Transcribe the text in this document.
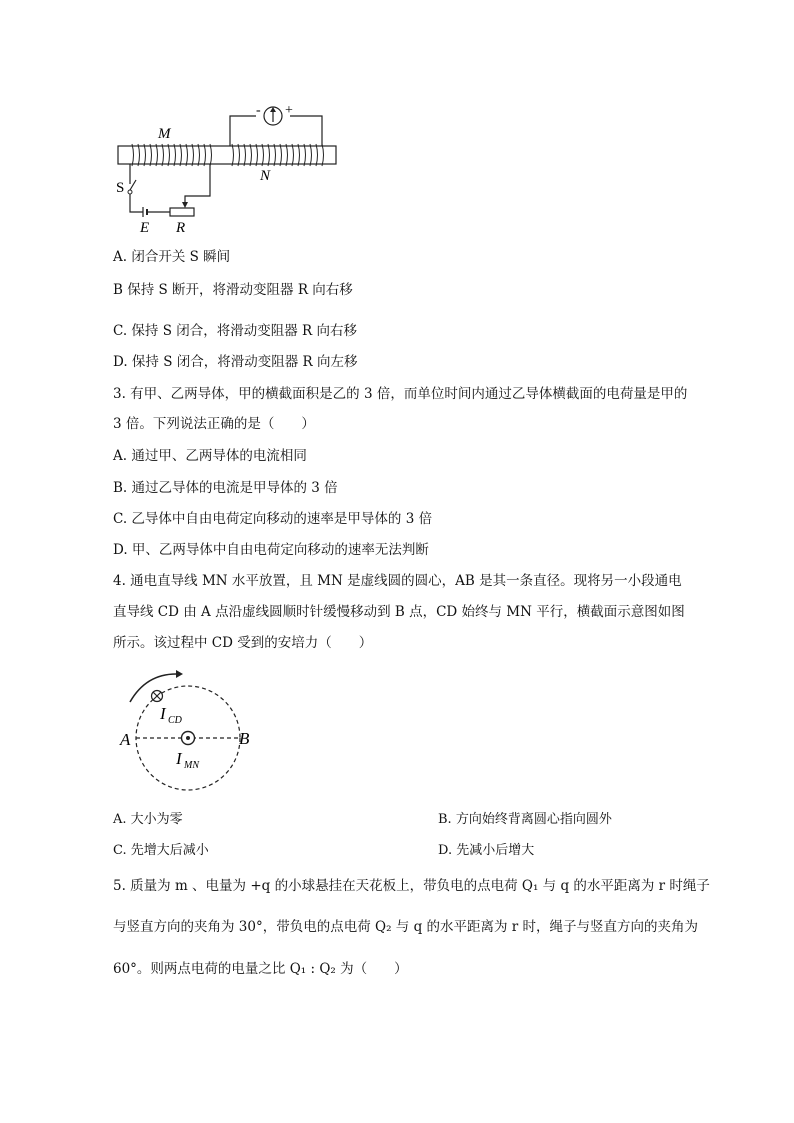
- +
M
N
S
E R
A. 闭合开关 S 瞬间
B 保持 S 断开，将滑动变阻器 R 向右移
C. 保持 S 闭合，将滑动变阻器 R 向右移
D. 保持 S 闭合，将滑动变阻器 R 向左移
3. 有甲、乙两导体，甲的横截面积是乙的 3 倍，而单位时间内通过乙导体横截面的电荷量是甲的
3 倍。下列说法正确的是（　　）
A. 通过甲、乙两导体的电流相同
B. 通过乙导体的电流是甲导体的 3 倍
C. 乙导体中自由电荷定向移动的速率是甲导体的 3 倍
D. 甲、乙两导体中自由电荷定向移动的速率无法判断
4. 通电直导线 MN 水平放置，且 MN 是虚线圆的圆心，AB 是其一条直径。现将另一小段通电
直导线 CD 由 A 点沿虚线圆顺时针缓慢移动到 B 点，CD 始终与 MN 平行，横截面示意图如图
所示。该过程中 CD 受到的安培力（　　）
A	B
I CD
I MN
A. 大小为零	B. 方向始终背离圆心指向圆外
C. 先增大后减小	D. 先减小后增大
5. 质量为 m 、电量为 +q 的小球悬挂在天花板上，带负电的点电荷 Q₁ 与 q 的水平距离为 r 时绳子
与竖直方向的夹角为 30°，带负电的点电荷 Q₂ 与 q 的水平距离为 r 时，绳子与竖直方向的夹角为
60°。则两点电荷的电量之比 Q₁ : Q₂ 为（　　）
